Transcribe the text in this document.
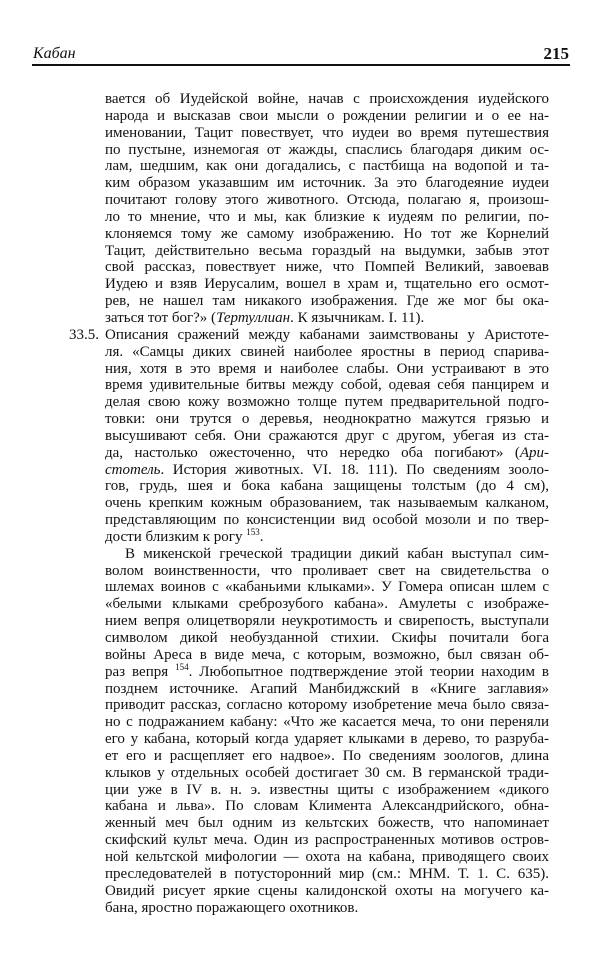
Кабан	215
вается об Иудейской войне, начав с происхождения иудейского
народа и высказав свои мысли о рождении религии и о ее на-
именовании, Тацит повествует, что иудеи во время путешествия
по пустыне, изнемогая от жажды, спаслись благодаря диким ос-
лам, шедшим, как они догадались, с пастбища на водопой и та-
ким образом указавшим им источник. За это благодеяние иудеи
почитают голову этого животного. Отсюда, полагаю я, произош-
ло то мнение, что и мы, как близкие к иудеям по религии, по-
клоняемся тому же самому изображению. Но тот же Корнелий
Тацит, действительно весьма гораздый на выдумки, забыв этот
свой рассказ, повествует ниже, что Помпей Великий, завоевав
Иудею и взяв Иерусалим, вошел в храм и, тщательно его осмот-
рев, не нашел там никакого изображения. Где же мог бы ока-
заться тот бог?» (Тертуллиан. К язычникам. I. 11).
33.5. Описания сражений между кабанами заимствованы у Аристоте-
ля. «Самцы диких свиней наиболее яростны в период спарива-
ния, хотя в это время и наиболее слабы. Они устраивают в это
время удивительные битвы между собой, одевая себя панцирем и
делая свою кожу возможно толще путем предварительной подго-
товки: они трутся о деревья, неоднократно мажутся грязью и
высушивают себя. Они сражаются друг с другом, убегая из ста-
да, настолько ожесточенно, что нередко оба погибают» (Ари-
стотель. История животных. VI. 18. 111). По сведениям зооло-
гов, грудь, шея и бока кабана защищены толстым (до 4 см),
очень крепким кожным образованием, так называемым калканом,
представляющим по консистенции вид особой мозоли и по твер-
дости близким к рогу $^{153}$.
В микенской греческой традиции дикий кабан выступал сим-
волом воинственности, что проливает свет на свидетельства о
шлемах воинов с «кабаньими клыками». У Гомера описан шлем с
«белыми клыками среброзубого кабана». Амулеты с изображе-
нием вепря олицетворяли неукротимость и свирепость, выступали
символом дикой необузданной стихии. Скифы почитали бога
войны Ареса в виде меча, с которым, возможно, был связан об-
раз вепря $^{154}$. Любопытное подтверждение этой теории находим в
позднем источнике. Агапий Манбиджский в «Книге заглавия»
приводит рассказ, согласно которому изобретение меча было связа-
но с подражанием кабану: «Что же касается меча, то они переняли
его у кабана, который когда ударяет клыками в дерево, то разруба-
ет его и расщепляет его надвое». По сведениям зоологов, длина
клыков у отдельных особей достигает 30 см. В германской тради-
ции уже в IV в. н. э. известны щиты с изображением «дикого
кабана и льва». По словам Климента Александрийского, обна-
женный меч был одним из кельтских божеств, что напоминает
скифский культ меча. Один из распространенных мотивов остров-
ной кельтской мифологии — охота на кабана, приводящего своих
преследователей в потусторонний мир (см.: МНМ. Т. 1. С. 635).
Овидий рисует яркие сцены калидонской охоты на могучего ка-
бана, яростно поражающего охотников.
